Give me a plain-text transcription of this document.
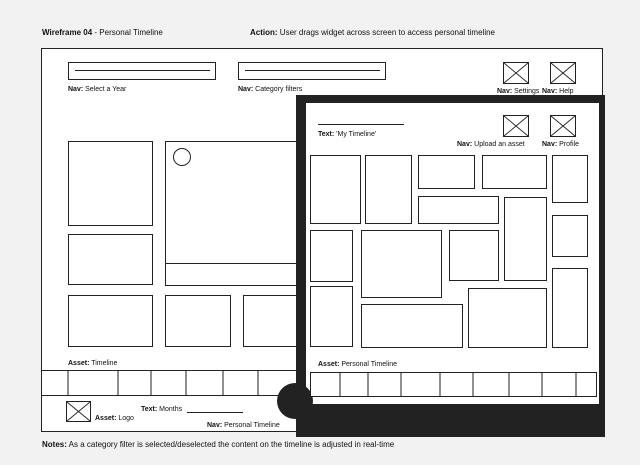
Wireframe 04 - Personal Timeline	Action: User drags widget across screen to access personal timeline
Nav: Select a Year	Nav: Category filters	Nav: Settings Nav: Help
Asset: Timeline
Asset: Logo
Text: Months
Nav: Personal Timeline
Text: 'My Timeline'
Nav: Upload an asset Nav: Profile
Asset: Personal Timeline
Notes: As a category filter is selected/deselected the content on the timeline is adjusted in real-time
